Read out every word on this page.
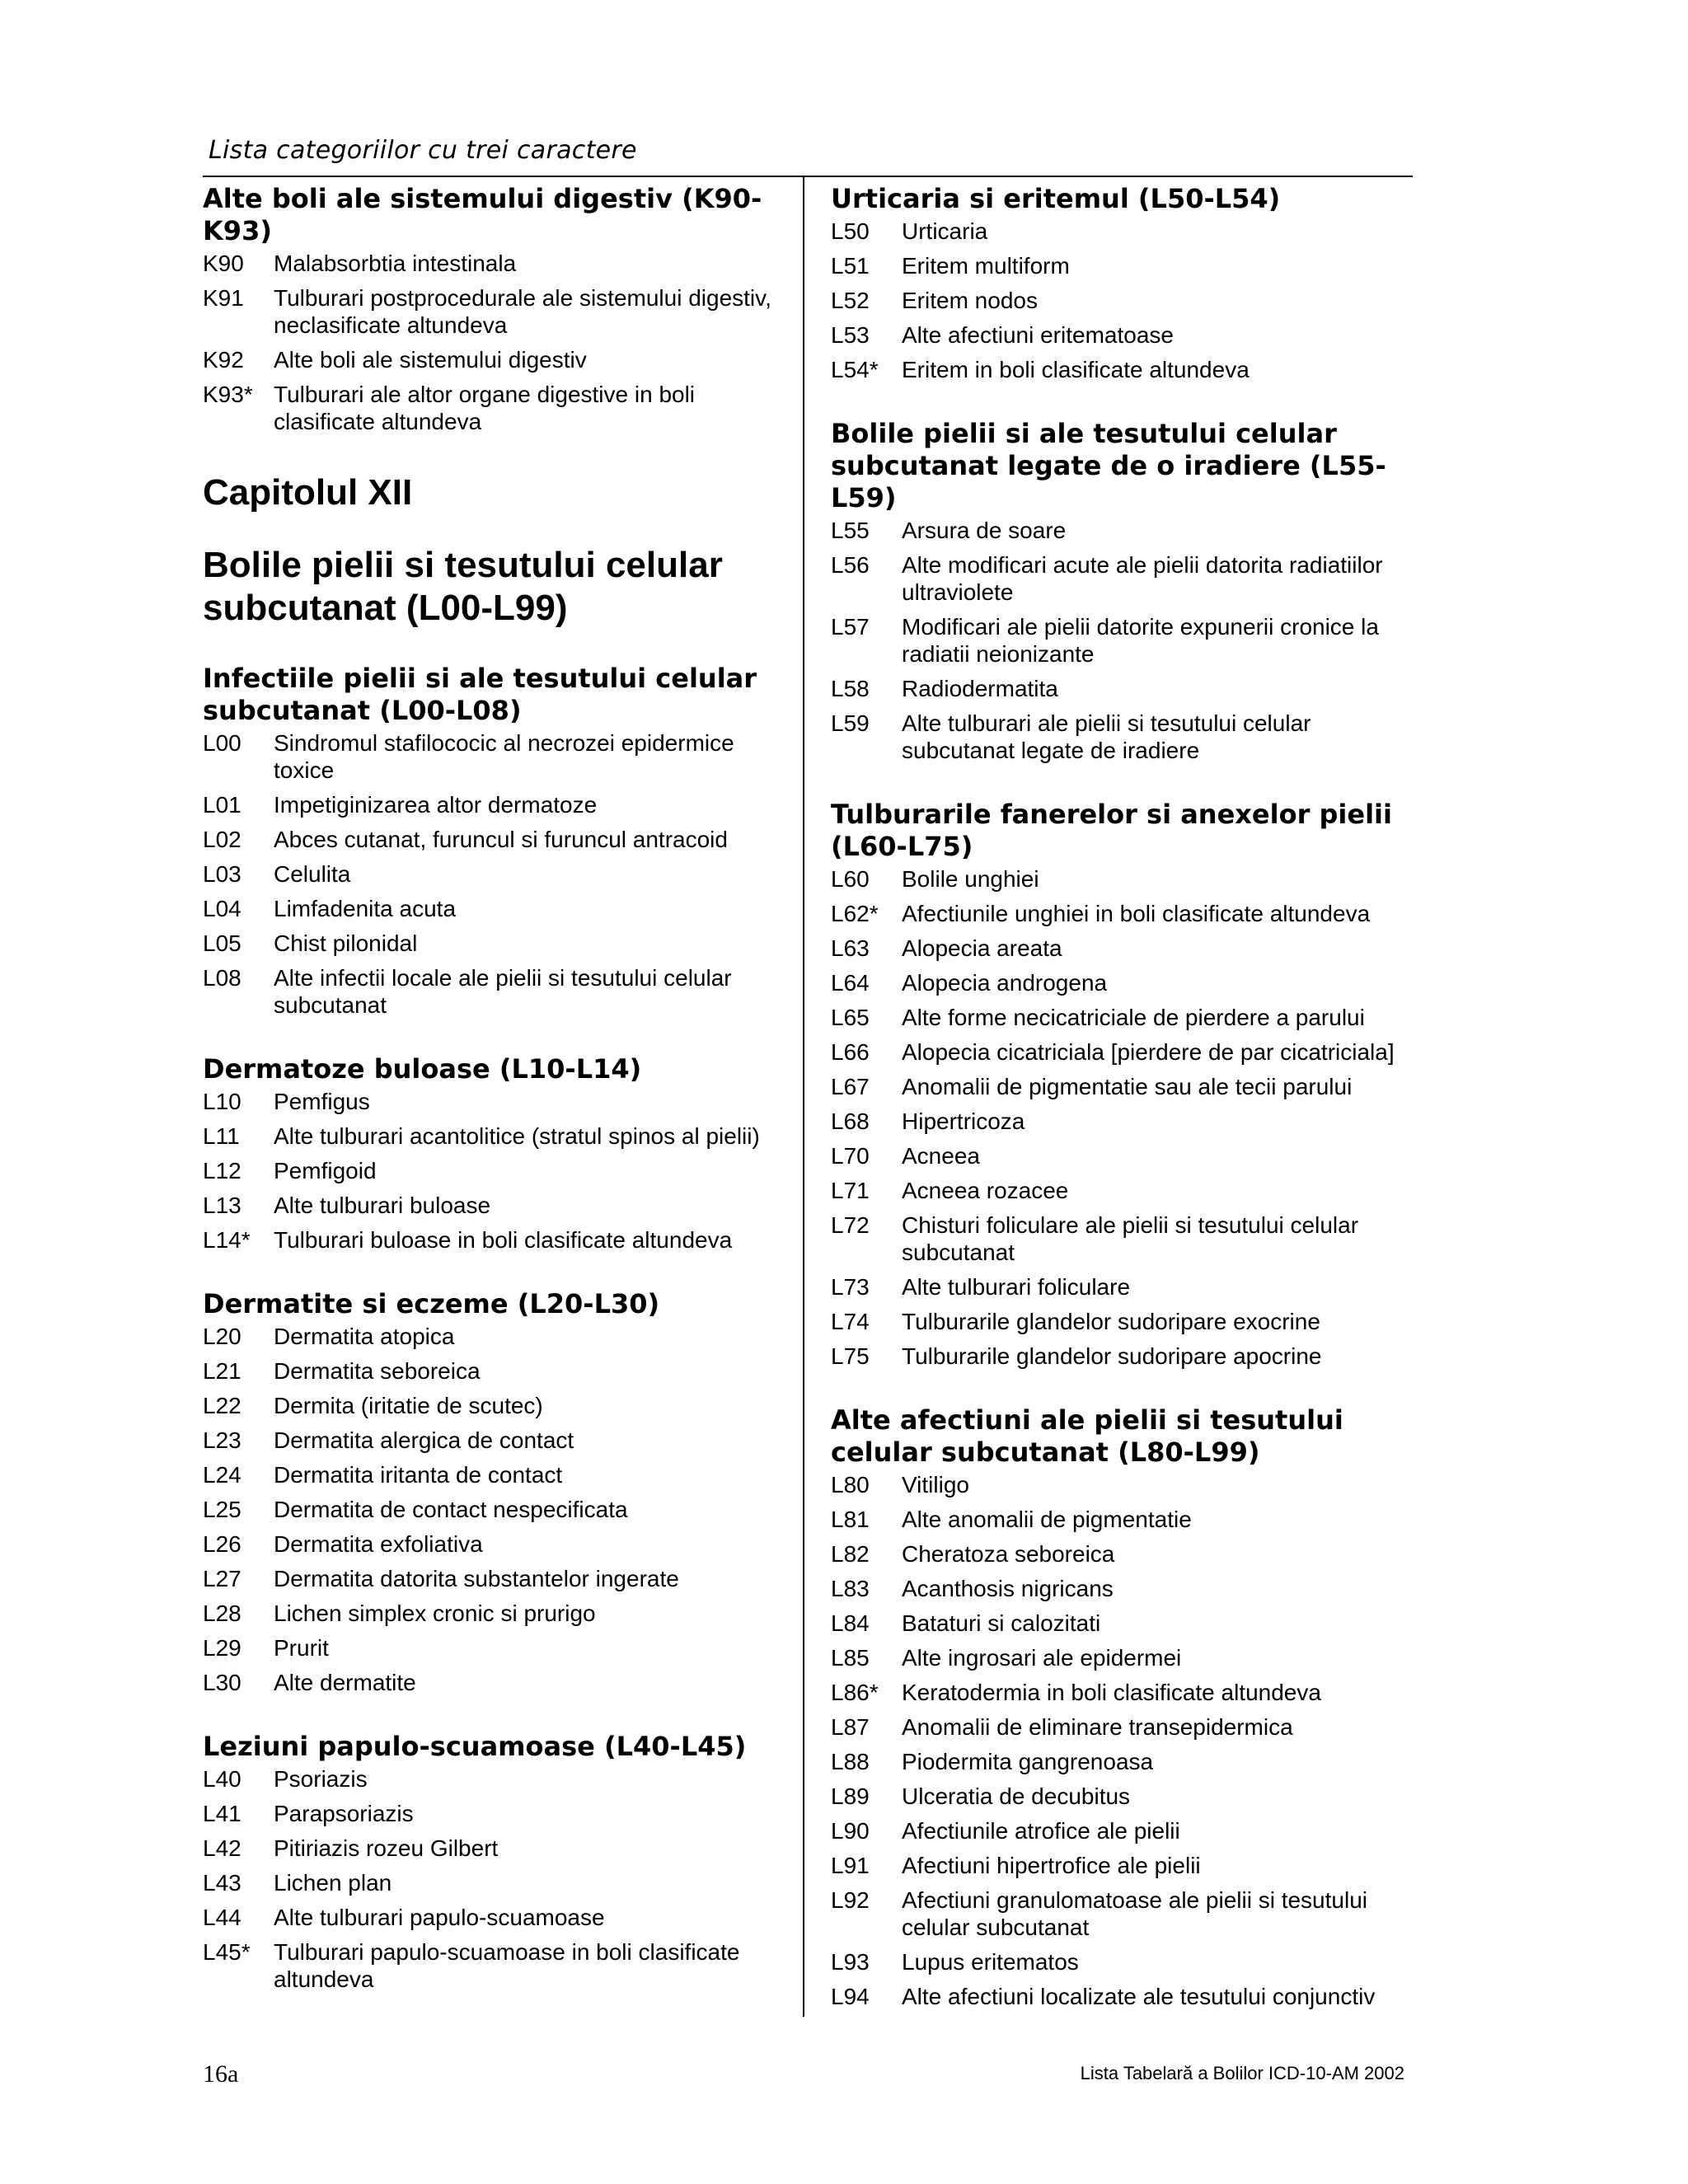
Lista categoriilor cu trei caractere
Alte boli ale sistemului digestiv (K90-K93)
K90	Malabsorbtia intestinala
K91	Tulburari postprocedurale ale sistemului digestiv, neclasificate altundeva
K92	Alte boli ale sistemului digestiv
K93* Tulburari ale altor organe digestive in boli clasificate altundeva
Capitolul XII
Bolile pielii si tesutului celular subcutanat (L00-L99)
Infectiile pielii si ale tesutului celular subcutanat (L00-L08)
L00	Sindromul stafilococic al necrozei epidermice toxice
L01	Impetiginizarea altor dermatoze
L02	Abces cutanat, furuncul si furuncul antracoid
L03	Celulita
L04	Limfadenita acuta
L05	Chist pilonidal
L08	Alte infectii locale ale pielii si tesutului celular subcutanat
Dermatoze buloase (L10-L14)
L10	Pemfigus
L11	Alte tulburari acantolitice (stratul spinos al pielii)
L12	Pemfigoid
L13	Alte tulburari buloase
L14*	Tulburari buloase in boli clasificate altundeva
Dermatite si eczeme (L20-L30)
L20	Dermatita atopica
L21	Dermatita seboreica
L22	Dermita (iritatie de scutec)
L23	Dermatita alergica de contact
L24	Dermatita iritanta de contact
L25	Dermatita de contact nespecificata
L26	Dermatita exfoliativa
L27	Dermatita datorita substantelor ingerate
L28	Lichen simplex cronic si prurigo
L29	Prurit
L30	Alte dermatite
Leziuni papulo-scuamoase (L40-L45)
L40	Psoriazis
L41	Parapsoriazis
L42	Pitiriazis rozeu Gilbert
L43	Lichen plan
L44	Alte tulburari papulo-scuamoase
L45*	Tulburari papulo-scuamoase in boli clasificate altundeva
Urticaria si eritemul (L50-L54)
L50	Urticaria
L51	Eritem multiform
L52	Eritem nodos
L53	Alte afectiuni eritematoase
L54*	Eritem in boli clasificate altundeva
Bolile pielii si ale tesutului celular subcutanat legate de o iradiere (L55-L59)
L55	Arsura de soare
L56	Alte modificari acute ale pielii datorita radiatiilor ultraviolete
L57	Modificari ale pielii datorite expunerii cronice la radiatii neionizante
L58	Radiodermatita
L59	Alte tulburari ale pielii si tesutului celular subcutanat legate de iradiere
Tulburarile fanerelor si anexelor pielii (L60-L75)
L60	Bolile unghiei
L62*	Afectiunile unghiei in boli clasificate altundeva
L63	Alopecia areata
L64	Alopecia androgena
L65	Alte forme necicatriciale de pierdere a parului
L66	Alopecia cicatriciala [pierdere de par cicatriciala]
L67	Anomalii de pigmentatie sau ale tecii parului
L68	Hipertricoza
L70	Acneea
L71	Acneea rozacee
L72	Chisturi foliculare ale pielii si tesutului celular subcutanat
L73	Alte tulburari foliculare
L74	Tulburarile glandelor sudoripare exocrine
L75	Tulburarile glandelor sudoripare apocrine
Alte afectiuni ale pielii si tesutului celular subcutanat (L80-L99)
L80	Vitiligo
L81	Alte anomalii de pigmentatie
L82	Cheratoza seboreica
L83	Acanthosis nigricans
L84	Bataturi si calozitati
L85	Alte ingrosari ale epidermei
L86*	Keratodermia in boli clasificate altundeva
L87	Anomalii de eliminare transepidermica
L88	Piodermita gangrenoasa
L89	Ulceratia de decubitus
L90	Afectiunile atrofice ale pielii
L91	Afectiuni hipertrofice ale pielii
L92	Afectiuni granulomatoase ale pielii si tesutului celular subcutanat
L93	Lupus eritematos
L94	Alte afectiuni localizate ale tesutului conjunctiv
16a	Lista Tabelară a Bolilor ICD-10-AM 2002
